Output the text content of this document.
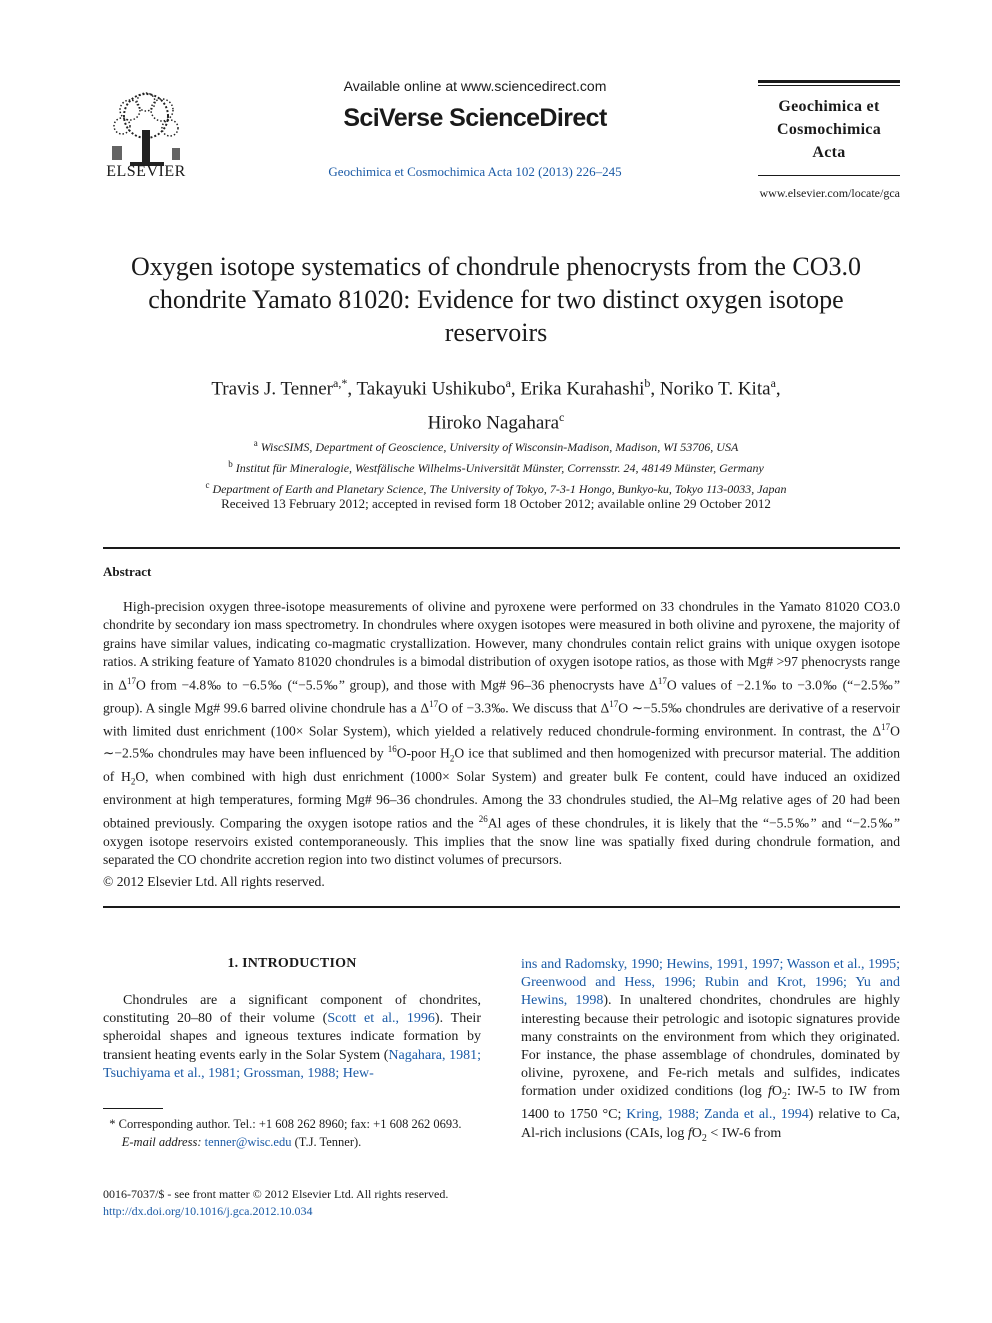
ELSEVIER
Available online at www.sciencedirect.com
SciVerse ScienceDirect
Geochimica et Cosmochimica Acta 102 (2013) 226–245
Geochimica et
Cosmochimica
Acta
www.elsevier.com/locate/gca
Oxygen isotope systematics of chondrule phenocrysts from the CO3.0 chondrite Yamato 81020: Evidence for two distinct oxygen isotope reservoirs
Travis J. Tenner$^{a,*}$, Takayuki Ushikubo$^a$, Erika Kurahashi$^b$, Noriko T. Kita$^a$,
Hiroko Nagahara$^c$
$^a$ WiscSIMS, Department of Geoscience, University of Wisconsin-Madison, Madison, WI 53706, USA
$^b$ Institut für Mineralogie, Westfälische Wilhelms-Universität Münster, Corrensstr. 24, 48149 Münster, Germany
$^c$ Department of Earth and Planetary Science, The University of Tokyo, 7-3-1 Hongo, Bunkyo-ku, Tokyo 113-0033, Japan
Received 13 February 2012; accepted in revised form 18 October 2012; available online 29 October 2012
Abstract

High-precision oxygen three-isotope measurements of olivine and pyroxene were performed on 33 chondrules in the Yamato 81020 CO3.0 chondrite by secondary ion mass spectrometry. In chondrules where oxygen isotopes were measured in both olivine and pyroxene, the majority of grains have similar values, indicating co-magmatic crystallization. However, many chondrules contain relict grains with unique oxygen isotope ratios. A striking feature of Yamato 81020 chondrules is a bimodal distribution of oxygen isotope ratios, as those with Mg# >97 phenocrysts range in $\Delta^{17}O$ from −4.8‰ to −6.5‰ (“−5.5‰” group), and those with Mg# 96–36 phenocrysts have $\Delta^{17}O$ values of −2.1‰ to −3.0‰ (“−2.5‰” group). A single Mg# 99.6 barred olivine chondrule has a $\Delta^{17}O$ of −3.3‰. We discuss that $\Delta^{17}O$ ∼−5.5‰ chondrules are derivative of a reservoir with limited dust enrichment (100× Solar System), which yielded a relatively reduced chondrule-forming environment. In contrast, the $\Delta^{17}O$ ∼−2.5‰ chondrules may have been influenced by $^{16}$O-poor $H_2O$ ice that sublimed and then homogenized with precursor material. The addition of $H_2O$, when combined with high dust enrichment (1000× Solar System) and greater bulk Fe content, could have induced an oxidized environment at high temperatures, forming Mg# 96–36 chondrules. Among the 33 chondrules studied, the Al–Mg relative ages of 20 had been obtained previously. Comparing the oxygen isotope ratios and the $^{26}$Al ages of these chondrules, it is likely that the “−5.5‰” and “−2.5‰” oxygen isotope reservoirs existed contemporaneously. This implies that the snow line was spatially fixed during chondrule formation, and separated the CO chondrite accretion region into two distinct volumes of precursors.

© 2012 Elsevier Ltd. All rights reserved.
1. INTRODUCTION

Chondrules are a significant component of chondrites, constituting 20–80 of their volume (Scott et al., 1996). Their spheroidal shapes and igneous textures indicate formation by transient heating events early in the Solar System (Nagahara, 1981; Tsuchiyama et al., 1981; Grossman, 1988; Hew-

ins and Radomsky, 1990; Hewins, 1991, 1997; Wasson et al., 1995; Greenwood and Hess, 1996; Rubin and Krot, 1996; Yu and Hewins, 1998). In unaltered chondrites, chondrules are highly interesting because their petrologic and isotopic signatures provide many constraints on the environment from which they originated. For instance, the phase assemblage of chondrules, dominated by olivine, pyroxene, and Fe-rich metals and sulfides, indicates formation under oxidized conditions (log $fO_2$: IW-5 to IW from 1400 to 1750 °C; Kring, 1988; Zanda et al., 1994) relative to Ca, Al-rich inclusions (CAIs, $\log fO_2 < IW-6$ from

* Corresponding author. Tel.: +1 608 262 8960; fax: +1 608 262 0693.
E-mail address: tenner@wisc.edu (T.J. Tenner).
0016-7037/$ - see front matter © 2012 Elsevier Ltd. All rights reserved.
http://dx.doi.org/10.1016/j.gca.2012.10.034
